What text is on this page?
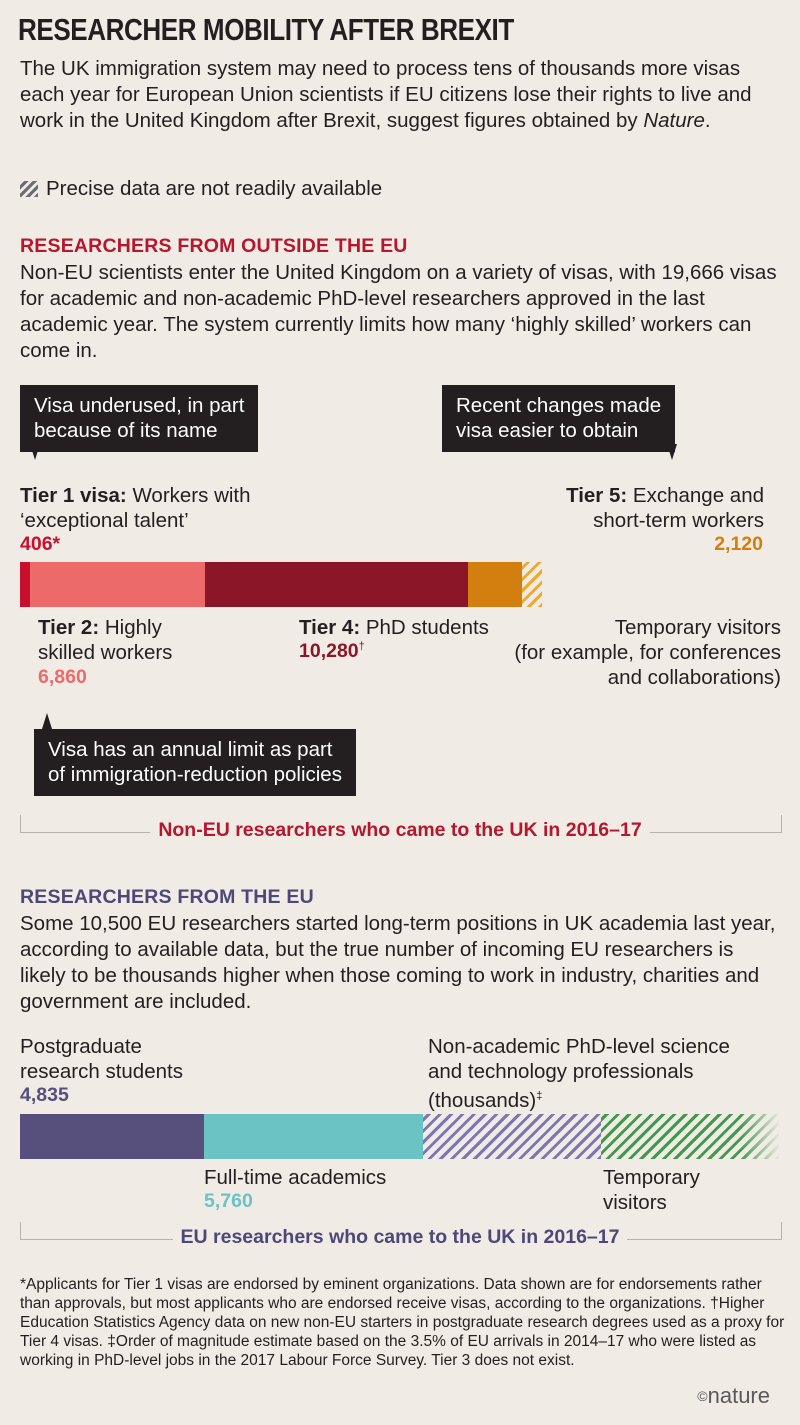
RESEARCHER MOBILITY AFTER BREXIT
The UK immigration system may need to process tens of thousands more visas each year for European Union scientists if EU citizens lose their rights to live and work in the United Kingdom after Brexit, suggest figures obtained by Nature.
Precise data are not readily available
RESEARCHERS FROM OUTSIDE THE EU
Non-EU scientists enter the United Kingdom on a variety of visas, with 19,666 visas for academic and non-academic PhD-level researchers approved in the last academic year. The system currently limits how many ‘highly skilled’ workers can come in.
Visa underused, in part
because of its name
Recent changes made
visa easier to obtain
Tier 1 visa: Workers with
‘exceptional talent’
406*
Tier 5: Exchange and
short-term workers
2,120
Tier 2: Highly
skilled workers
6,860
Tier 4: PhD students
10,280†
Temporary visitors
(for example, for conferences
and collaborations)
Visa has an annual limit as part
of immigration-reduction policies
Non-EU researchers who came to the UK in 2016–17
RESEARCHERS FROM THE EU
Some 10,500 EU researchers started long-term positions in UK academia last year, according to available data, but the true number of incoming EU researchers is likely to be thousands higher when those coming to work in industry, charities and government are included.
Postgraduate
research students
4,835
Non-academic PhD-level science
and technology professionals
(thousands)‡
Full-time academics
5,760
Temporary
visitors
EU researchers who came to the UK in 2016–17
*Applicants for Tier 1 visas are endorsed by eminent organizations. Data shown are for endorsements rather than approvals, but most applicants who are endorsed receive visas, according to the organizations. †Higher Education Statistics Agency data on new non-EU starters in postgraduate research degrees used as a proxy for Tier 4 visas. ‡Order of magnitude estimate based on the 3.5% of EU arrivals in 2014–17 who were listed as working in PhD-level jobs in the 2017 Labour Force Survey. Tier 3 does not exist.
©nature
